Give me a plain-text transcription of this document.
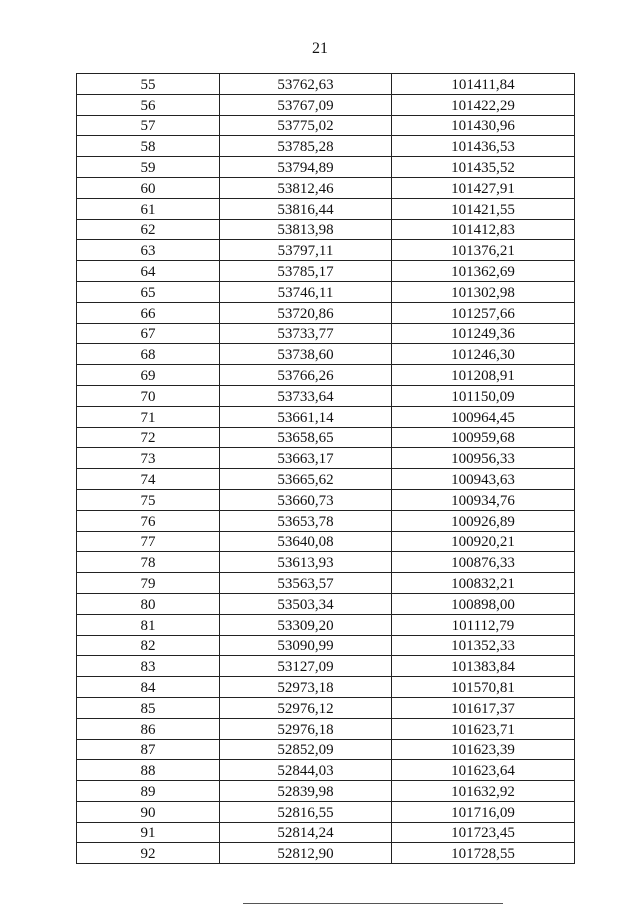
21
55	53762,63	101411,84
56	53767,09	101422,29
57	53775,02	101430,96
58	53785,28	101436,53
59	53794,89	101435,52
60	53812,46	101427,91
61	53816,44	101421,55
62	53813,98	101412,83
63	53797,11	101376,21
64	53785,17	101362,69
65	53746,11	101302,98
66	53720,86	101257,66
67	53733,77	101249,36
68	53738,60	101246,30
69	53766,26	101208,91
70	53733,64	101150,09
71	53661,14	100964,45
72	53658,65	100959,68
73	53663,17	100956,33
74	53665,62	100943,63
75	53660,73	100934,76
76	53653,78	100926,89
77	53640,08	100920,21
78	53613,93	100876,33
79	53563,57	100832,21
80	53503,34	100898,00
81	53309,20	101112,79
82	53090,99	101352,33
83	53127,09	101383,84
84	52973,18	101570,81
85	52976,12	101617,37
86	52976,18	101623,71
87	52852,09	101623,39
88	52844,03	101623,64
89	52839,98	101632,92
90	52816,55	101716,09
91	52814,24	101723,45
92	52812,90	101728,55
